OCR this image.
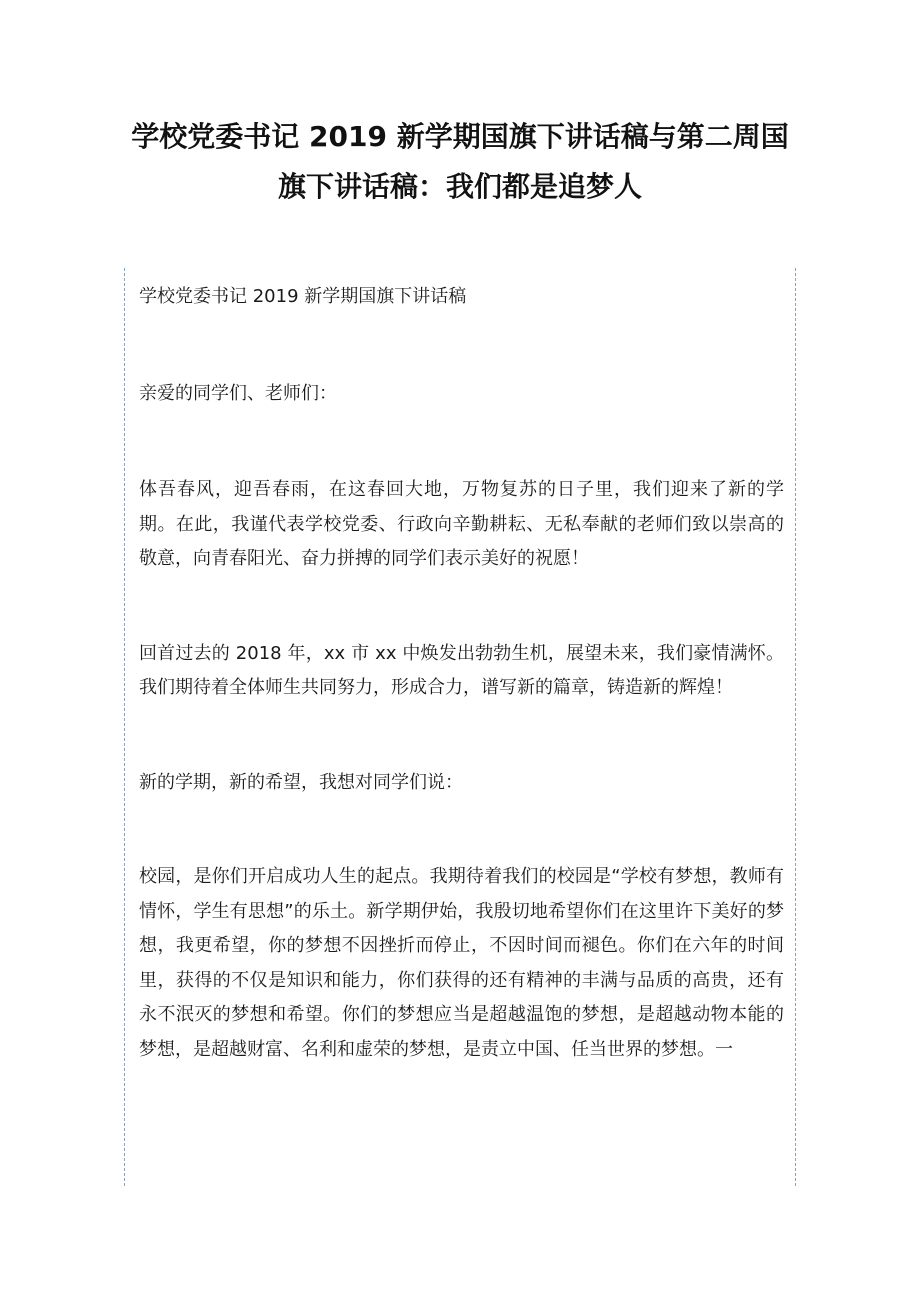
学校党委书记 2019 新学期国旗下讲话稿与第二周国
旗下讲话稿：我们都是追梦人

学校党委书记 2019 新学期国旗下讲话稿

亲爱的同学们、老师们：

体吾春风，迎吾春雨，在这春回大地，万物复苏的日子里，我们迎来了新的学期。在此，我谨代表学校党委、行政向辛勤耕耘、无私奉献的老师们致以崇高的敬意，向青春阳光、奋力拼搏的同学们表示美好的祝愿！

回首过去的 2018 年，xx 市 xx 中焕发出勃勃生机，展望未来，我们豪情满怀。我们期待着全体师生共同努力，形成合力，谱写新的篇章，铸造新的辉煌！

新的学期，新的希望，我想对同学们说：

校园，是你们开启成功人生的起点。我期待着我们的校园是“学校有梦想，教师有情怀，学生有思想”的乐土。新学期伊始，我殷切地希望你们在这里许下美好的梦想，我更希望，你的梦想不因挫折而停止，不因时间而褪色。你们在六年的时间里，获得的不仅是知识和能力，你们获得的还有精神的丰满与品质的高贵，还有永不泯灭的梦想和希望。你们的梦想应当是超越温饱的梦想，是超越动物本能的梦想，是超越财富、名利和虚荣的梦想，是责立中国、任当世界的梦想。一
